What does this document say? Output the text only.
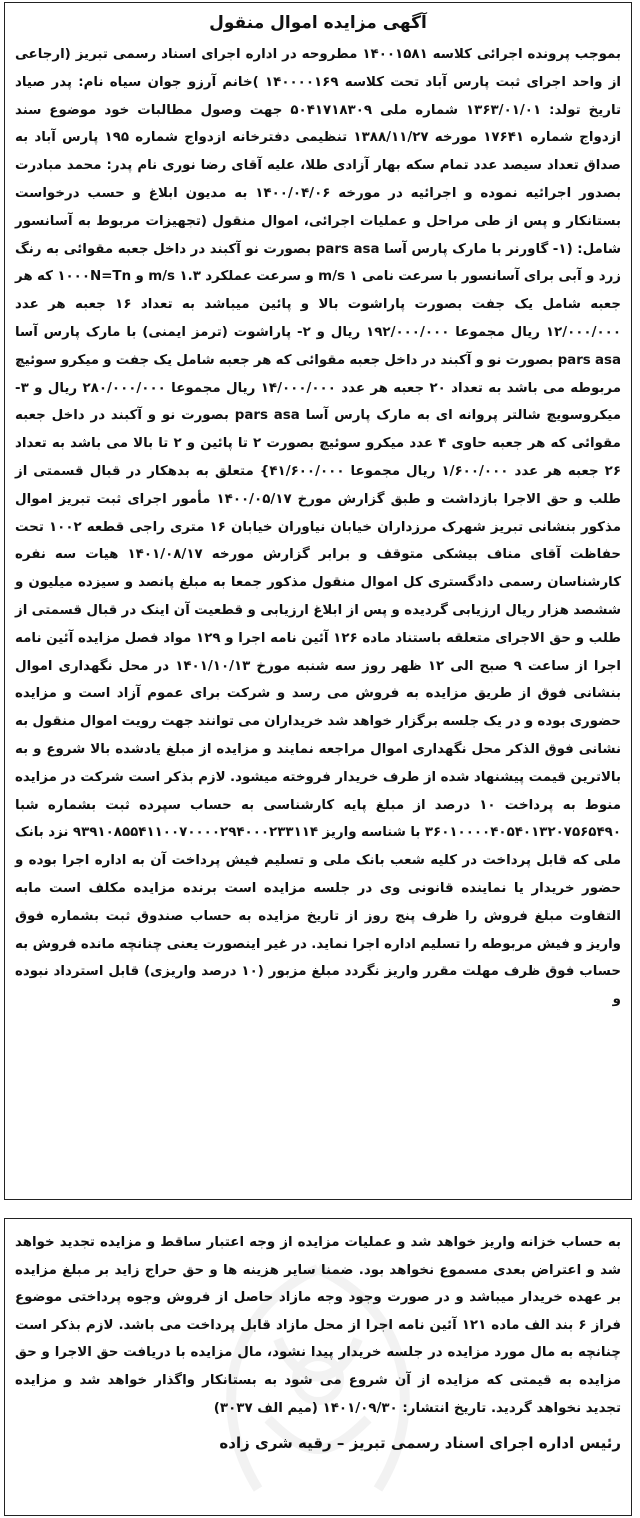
آگهی مزایده اموال منقول
بموجب پرونده اجرائی کلاسه ۱۴۰۰۱۵۸۱ مطروحه در اداره اجرای اسناد رسمی تبریز (ارجاعی از واحد اجرای ثبت پارس آباد تحت کلاسه ۱۴۰۰۰۰۱۶۹ )خانم آرزو جوان سیاه نام: پدر صیاد تاریخ تولد: ۱۳۶۳/۰۱/۰۱ شماره ملی ۵۰۴۱۷۱۸۳۰۹ جهت وصول مطالبات خود موضوع سند ازدواج شماره ۱۷۶۴۱ مورخه ۱۳۸۸/۱۱/۲۷ تنظیمی دفترخانه ازدواج شماره ۱۹۵ پارس آباد به صداق تعداد سیصد عدد تمام سکه بهار آزادی طلا، علیه آقای رضا نوری نام پدر: محمد مبادرت بصدور اجرائیه نموده و اجرائیه در مورخه ۱۴۰۰/۰۴/۰۶ به مدیون ابلاغ و حسب درخواست بستانکار و پس از طی مراحل و عملیات اجرائی، اموال منقول (تجهیزات مربوط به آسانسور شامل: (۱- گاورنر با مارک پارس آسا pars asa بصورت نو آکبند در داخل جعبه مقوائی به رنگ زرد و آبی برای آسانسور با سرعت نامی ۱ m/s و سرعت عملکرد ۱.۳ m/s و ۱۰۰۰N=Tn که هر جعبه شامل یک جفت بصورت پاراشوت بالا و پائین میباشد به تعداد ۱۶ جعبه هر عدد ۱۲/۰۰۰/۰۰۰ ریال مجموعا ۱۹۲/۰۰۰/۰۰۰ ریال و ۲- پاراشوت (ترمز ایمنی) با مارک پارس آسا pars asa بصورت نو و آکبند در داخل جعبه مقوائی که هر جعبه شامل یک جفت و میکرو سوئیچ مربوطه می باشد به تعداد ۲۰ جعبه هر عدد ۱۴/۰۰۰/۰۰۰ ریال مجموعا ۲۸۰/۰۰۰/۰۰۰ ریال و ۳- میکروسویچ شالتر پروانه ای به مارک پارس آسا pars asa بصورت نو و آکبند در داخل جعبه مقوائی که هر جعبه حاوی ۴ عدد میکرو سوئیچ بصورت ۲ تا پائین و ۲ تا بالا می باشد به تعداد ۲۶ جعبه هر عدد ۱/۶۰۰/۰۰۰ ریال مجموعا ۴۱/۶۰۰/۰۰۰} متعلق به بدهکار در قبال قسمتی از طلب و حق الاجرا بازداشت و طبق گزارش مورخ ۱۴۰۰/۰۵/۱۷ مأمور اجرای ثبت تبریز اموال مذکور بنشانی تبریز شهرک مرزداران خیابان نیاوران خیابان ۱۶ متری راجی قطعه ۱۰۰۲ تحت حفاظت آقای مناف بیشکی متوقف و برابر گزارش مورخه ۱۴۰۱/۰۸/۱۷ هیات سه نفره کارشناسان رسمی دادگستری کل اموال منقول مذکور جمعا به مبلغ پانصد و سیزده میلیون و ششصد هزار ریال ارزیابی گردیده و پس از ابلاغ ارزیابی و قطعیت آن اینک در قبال قسمتی از طلب و حق الاجرای متعلقه باستناد ماده ۱۲۶ آئین نامه اجرا و ۱۲۹ مواد فصل مزایده آئین نامه اجرا از ساعت ۹ صبح الی ۱۲ ظهر روز سه شنبه مورخ ۱۴۰۱/۱۰/۱۳ در محل نگهداری اموال بنشانی فوق از طریق مزایده به فروش می رسد و شرکت برای عموم آزاد است و مزایده حضوری بوده و در یک جلسه برگزار خواهد شد خریداران می توانند جهت رویت اموال منقول به نشانی فوق الذکر محل نگهداری اموال مراجعه نمایند و مزایده از مبلغ یادشده بالا شروع و به بالاترین قیمت پیشنهاد شده از طرف خریدار فروخته میشود. لازم بذکر است شرکت در مزایده منوط به پرداخت ۱۰ درصد از مبلغ پایه کارشناسی به حساب سپرده ثبت بشماره شبا ۳۶۰۱۰۰۰۰۴۰۵۴۰۱۳۲۰۷۵۶۵۴۹۰ با شناسه واریز ۹۳۹۱۰۸۵۵۴۱۱۰۰۷۰۰۰۰۲۹۴۰۰۰۲۳۳۱۱۴ نزد بانک ملی که قابل پرداخت در کلیه شعب بانک ملی و تسلیم فیش پرداخت آن به اداره اجرا بوده و حضور خریدار یا نماینده قانونی وی در جلسه مزایده است برنده مزایده مکلف است مابه التفاوت مبلغ فروش را ظرف پنج روز از تاریخ مزایده به حساب صندوق ثبت بشماره فوق واریز و فیش مربوطه را تسلیم اداره اجرا نماید. در غیر اینصورت یعنی چنانچه مانده فروش به حساب فوق ظرف مهلت مقرر واریز نگردد مبلغ مزبور (۱۰ درصد واریزی) قابل استرداد نبوده و
به حساب خزانه واریز خواهد شد و عملیات مزایده از وجه اعتبار ساقط و مزایده تجدید خواهد شد و اعتراض بعدی مسموع نخواهد بود. ضمنا سایر هزینه ها و حق حراج زاید بر مبلغ مزایده بر عهده خریدار میباشد و در صورت وجود وجه مازاد حاصل از فروش وجوه پرداختی موضوع فراز ۶ بند الف ماده ۱۲۱ آئین نامه اجرا از محل مازاد قابل پرداخت می باشد. لازم بذکر است چنانچه به مال مورد مزایده در جلسه خریدار پیدا نشود، مال مزایده با دریافت حق الاجرا و حق مزایده به قیمتی که مزایده از آن شروع می شود به بستانکار واگذار خواهد شد و مزایده تجدید نخواهد گردید. تاریخ انتشار: ۱۴۰۱/۰۹/۳۰ (میم الف ۳۰۳۷)
رئیس اداره اجرای اسناد رسمی تبریز – رقیه شری زاده
